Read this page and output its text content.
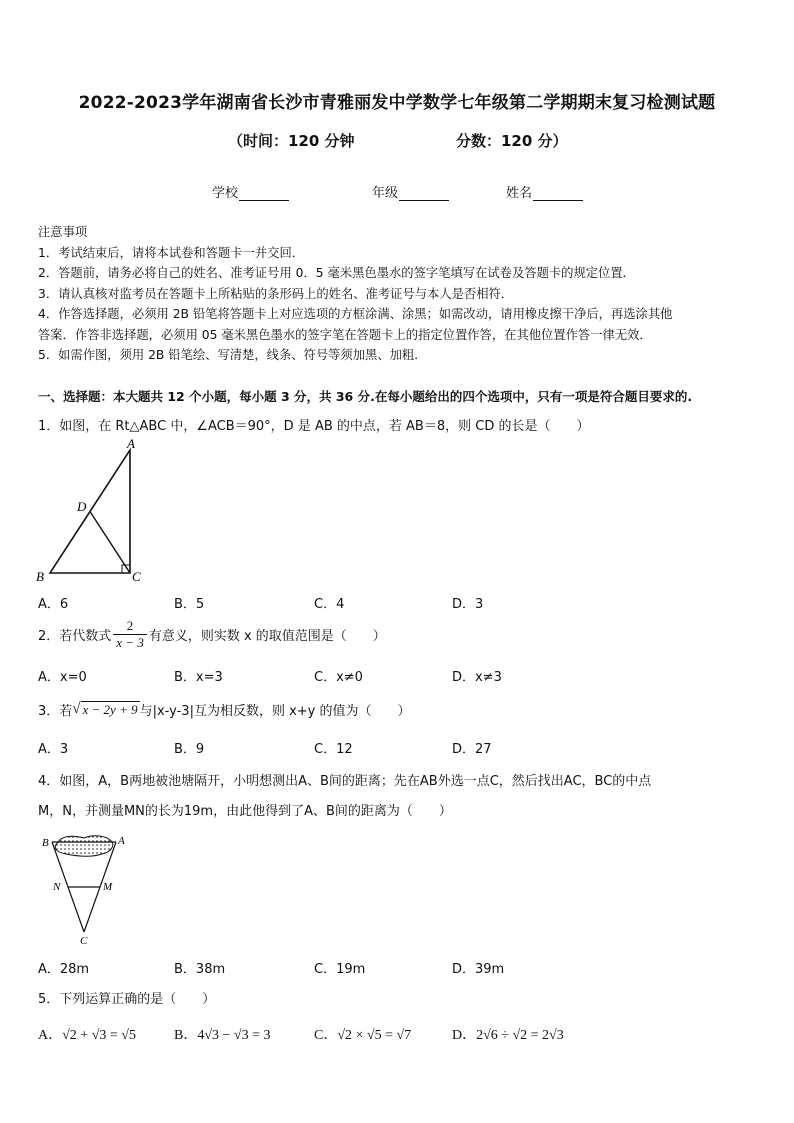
2022-2023学年湖南省长沙市青雅丽发中学数学七年级第二学期期末复习检测试题
（时间：120 分钟	分数：120 分）
学校	年级	姓名
注意事项
1．考试结束后，请将本试卷和答题卡一并交回．
2．答题前，请务必将自己的姓名、准考证号用 0．5 毫米黑色墨水的签字笔填写在试卷及答题卡的规定位置．
3．请认真核对监考员在答题卡上所粘贴的条形码上的姓名、准考证号与本人是否相符．
4．作答选择题，必须用 2B 铅笔将答题卡上对应选项的方框涂满、涂黑；如需改动，请用橡皮擦干净后，再选涂其他
答案．作答非选择题，必须用 05 毫米黑色墨水的签字笔在答题卡上的指定位置作答，在其他位置作答一律无效．
5．如需作图，须用 2B 铅笔绘、写清楚，线条、符号等须加黑、加粗．
一、选择题：本大题共 12 个小题，每小题 3 分，共 36 分.在每小题给出的四个选项中，只有一项是符合题目要求的.
1．如图，在 Rt△ABC 中，∠ACB＝90°，D 是 AB 的中点，若 AB＝8，则 CD 的长是（　　）
A
D
B	C
A．6	B．5	C．4	D．3
2．若代数式 $\frac{2}{x - 3}$ 有意义，则实数 x 的取值范围是（　　）
A．x=0	B．x=3	C．x≠0	D．x≠3
3．若 √ x − 2y + 9 与|x-y-3|互为相反数，则 x+y 的值为（　　）
A．3	B．9	C．12	D．27
4．如图，A，B两地被池塘隔开，小明想测出A、B间的距离；先在AB外选一点C，然后找出AC，BC的中点
M，N，并测量MN的长为19m，由此他得到了A、B间的距离为（　　）
B	A
N	M
C
A．28m	B．38m	C．19m	D．39m
5．下列运算正确的是（　　）
A．√2 + √3 = √5	B．4√3 − √3 = 3	C．√2 × √5 = √7	D．2√6 ÷ √2 = 2√3
